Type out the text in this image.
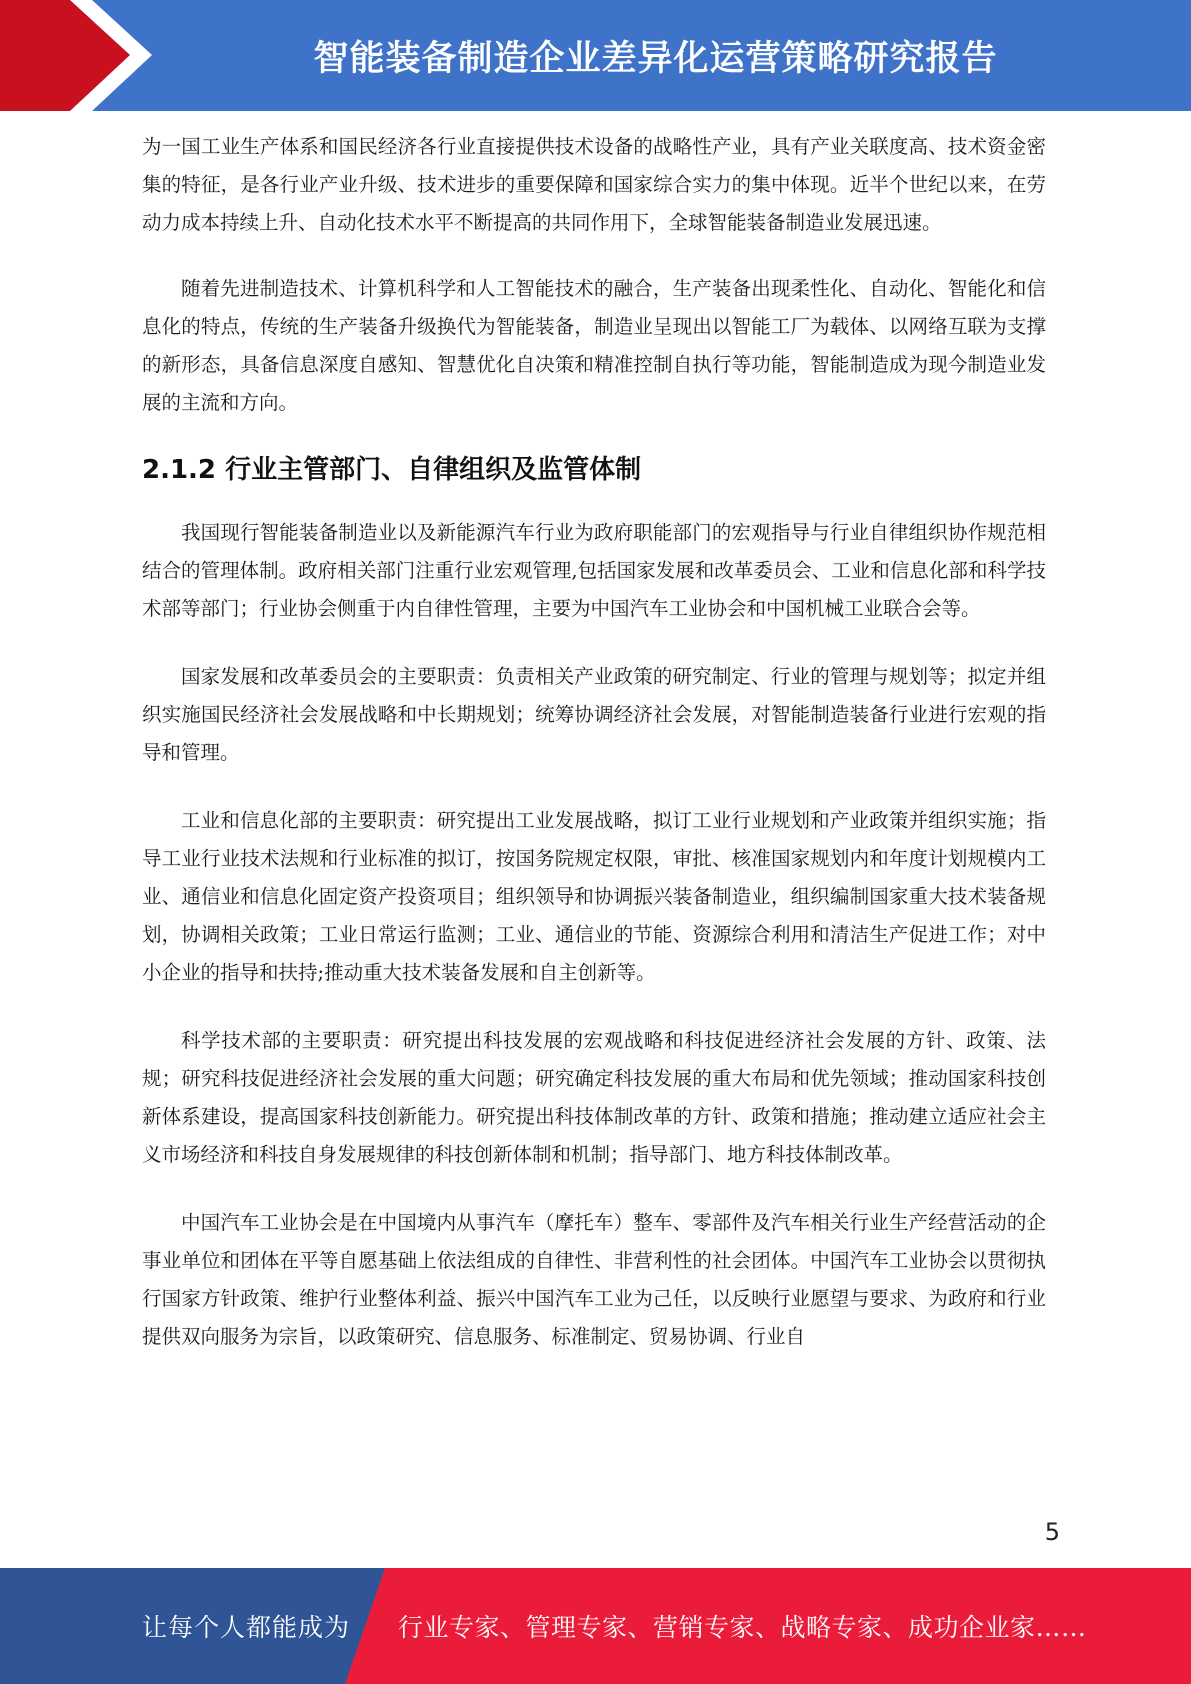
智能装备制造企业差异化运营策略研究报告

为一国工业生产体系和国民经济各行业直接提供技术设备的战略性产业，具有产业关联度高、技术资金密集的特征，是各行业产业升级、技术进步的重要保障和国家综合实力的集中体现。近半个世纪以来，在劳动力成本持续上升、自动化技术水平不断提高的共同作用下，全球智能装备制造业发展迅速。

随着先进制造技术、计算机科学和人工智能技术的融合，生产装备出现柔性化、自动化、智能化和信息化的特点，传统的生产装备升级换代为智能装备，制造业呈现出以智能工厂为载体、以网络互联为支撑的新形态，具备信息深度自感知、智慧优化自决策和精准控制自执行等功能，智能制造成为现今制造业发展的主流和方向。

2.1.2 行业主管部门、自律组织及监管体制

我国现行智能装备制造业以及新能源汽车行业为政府职能部门的宏观指导与行业自律组织协作规范相结合的管理体制。政府相关部门注重行业宏观管理,包括国家发展和改革委员会、工业和信息化部和科学技术部等部门；行业协会侧重于内自律性管理，主要为中国汽车工业协会和中国机械工业联合会等。

国家发展和改革委员会的主要职责：负责相关产业政策的研究制定、行业的管理与规划等；拟定并组织实施国民经济社会发展战略和中长期规划；统筹协调经济社会发展，对智能制造装备行业进行宏观的指导和管理。

工业和信息化部的主要职责：研究提出工业发展战略，拟订工业行业规划和产业政策并组织实施；指导工业行业技术法规和行业标准的拟订，按国务院规定权限，审批、核准国家规划内和年度计划规模内工业、通信业和信息化固定资产投资项目；组织领导和协调振兴装备制造业，组织编制国家重大技术装备规划，协调相关政策；工业日常运行监测；工业、通信业的节能、资源综合利用和清洁生产促进工作；对中小企业的指导和扶持;推动重大技术装备发展和自主创新等。

科学技术部的主要职责：研究提出科技发展的宏观战略和科技促进经济社会发展的方针、政策、法规；研究科技促进经济社会发展的重大问题；研究确定科技发展的重大布局和优先领域；推动国家科技创新体系建设，提高国家科技创新能力。研究提出科技体制改革的方针、政策和措施；推动建立适应社会主义市场经济和科技自身发展规律的科技创新体制和机制；指导部门、地方科技体制改革。

中国汽车工业协会是在中国境内从事汽车（摩托车）整车、零部件及汽车相关行业生产经营活动的企事业单位和团体在平等自愿基础上依法组成的自律性、非营利性的社会团体。中国汽车工业协会以贯彻执行国家方针政策、维护行业整体利益、振兴中国汽车工业为己任，以反映行业愿望与要求、为政府和行业提供双向服务为宗旨，以政策研究、信息服务、标准制定、贸易协调、行业自

5
让每个人都能成为 行业专家、管理专家、营销专家、战略专家、成功企业家……
